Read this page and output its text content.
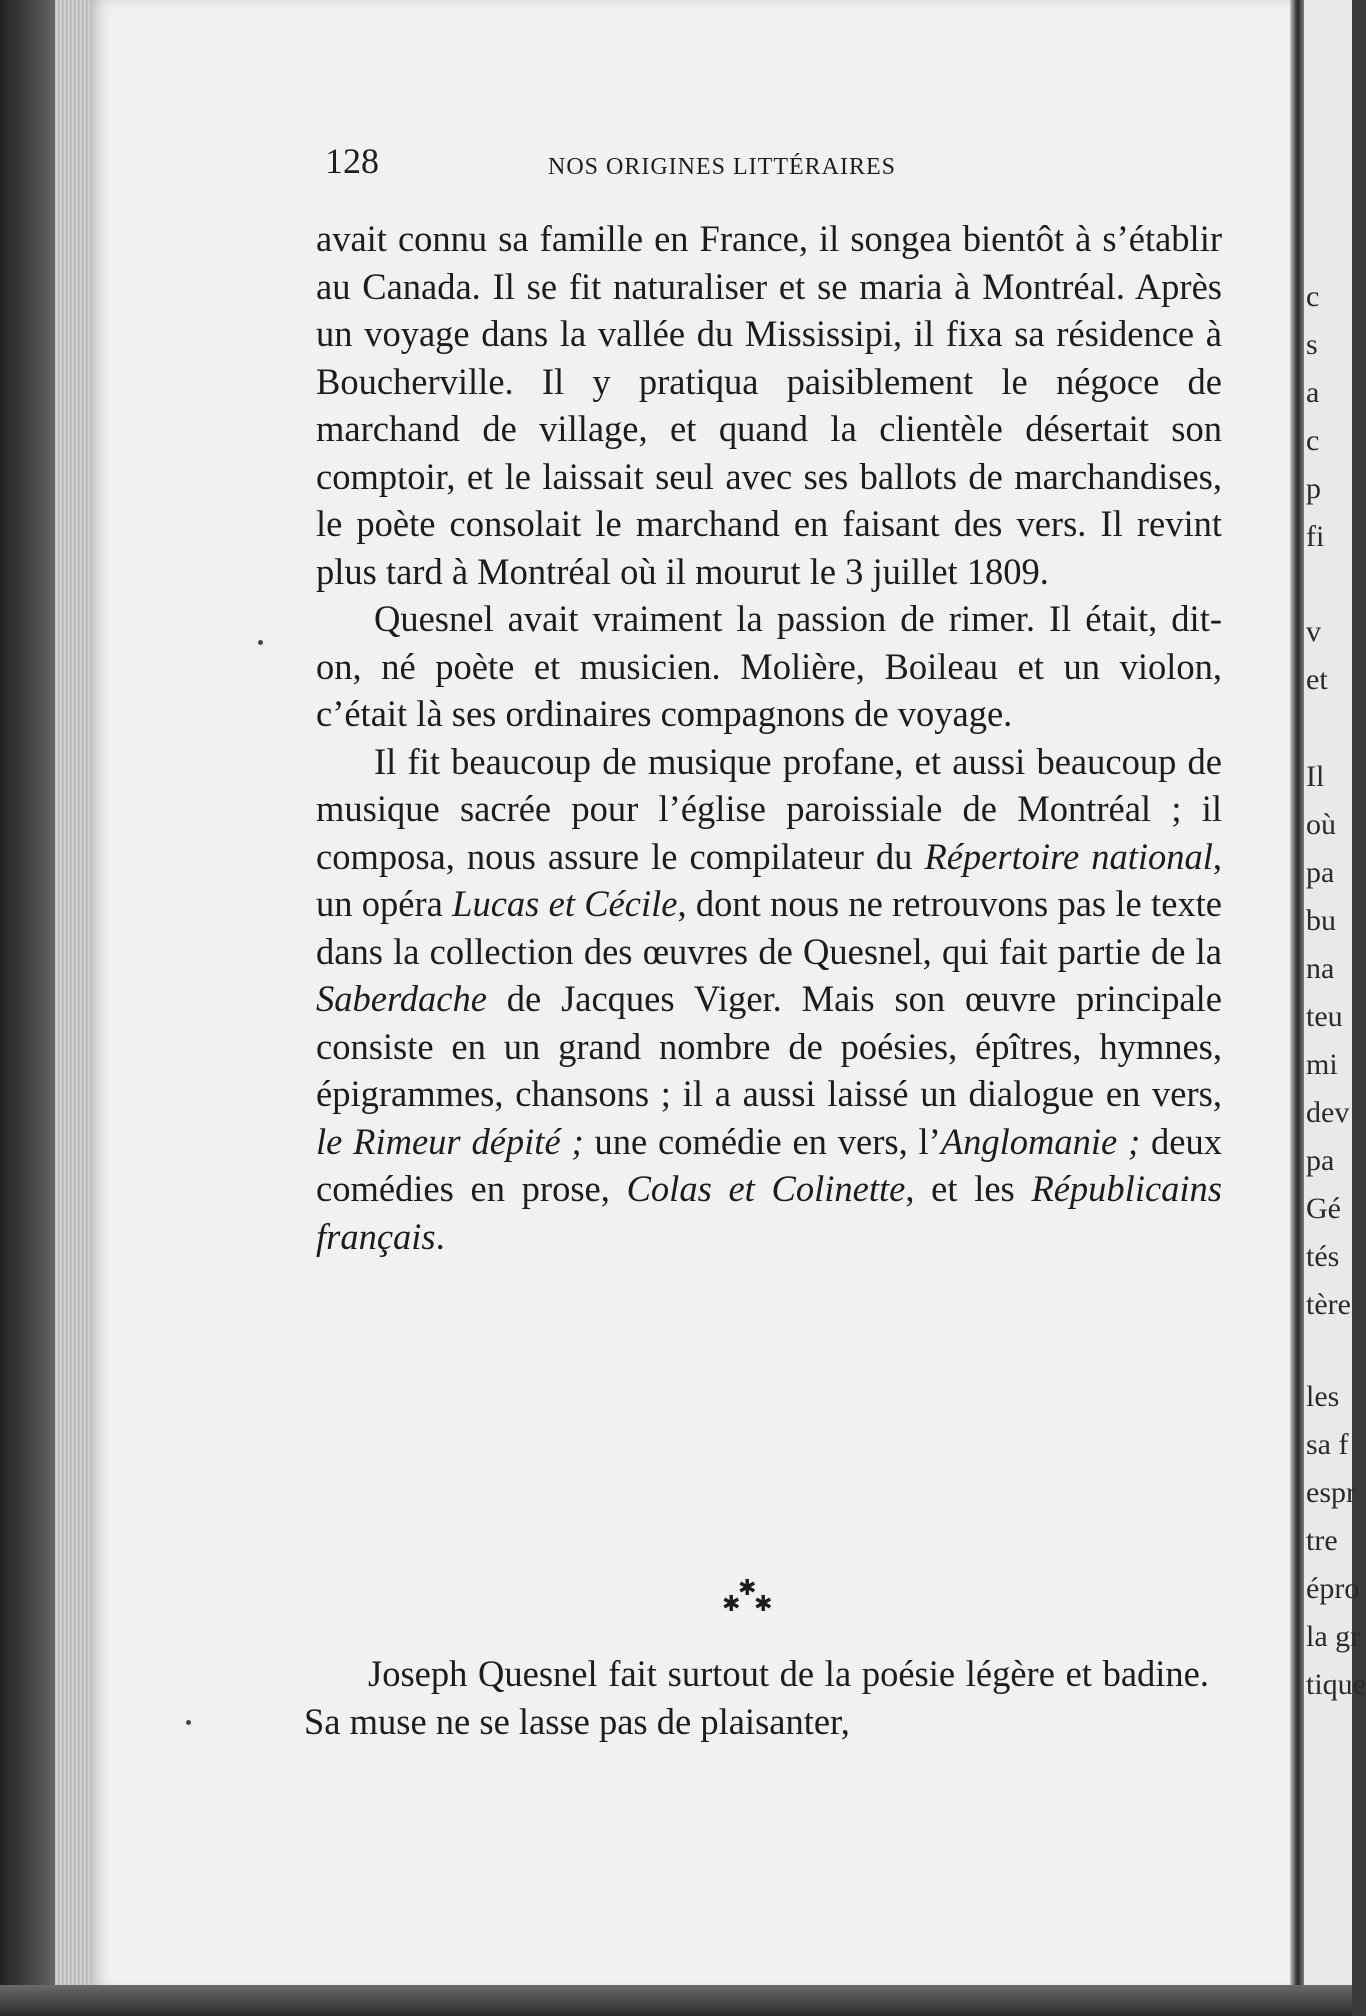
128	NOS ORIGINES LITTÉRAIRES

avait connu sa famille en France, il songea bientôt à s’établir au Canada. Il se fit naturaliser et se maria à Montréal. Après un voyage dans la vallée du Mississipi, il fixa sa résidence à Boucherville. Il y pratiqua paisiblement le négoce de marchand de village, et quand la clientèle désertait son comptoir, et le laissait seul avec ses ballots de marchandises, le poète consolait le marchand en faisant des vers. Il revint plus tard à Montréal où il mourut le 3 juillet 1809.

Quesnel avait vraiment la passion de rimer. Il était, dit-on, né poète et musicien. Molière, Boileau et un violon, c’était là ses ordinaires compagnons de voyage.

Il fit beaucoup de musique profane, et aussi beaucoup de musique sacrée pour l’église paroissiale de Montréal ; il composa, nous assure le compilateur du Répertoire national, un opéra Lucas et Cécile, dont nous ne retrouvons pas le texte dans la collection des œuvres de Quesnel, qui fait partie de la Saberdache de Jacques Viger. Mais son œuvre principale consiste en un grand nombre de poésies, épîtres, hymnes, épigrammes, chansons ; il a aussi laissé un dialogue en vers, le Rimeur dépité ; une comédie en vers, l’Anglomanie ; deux comédies en prose, Colas et Colinette, et les Républicains français.

✱
✱ ✱

Joseph Quesnel fait surtout de la poésie légère et badine. Sa muse ne se lasse pas de plaisanter,

c
s
a
c
p
fi
v
et
Il
où
pa
bu
na
teu
mi
dev
pa
Gé
tés
tère
les
sa f
espr
tre
épro
la gr
tique
